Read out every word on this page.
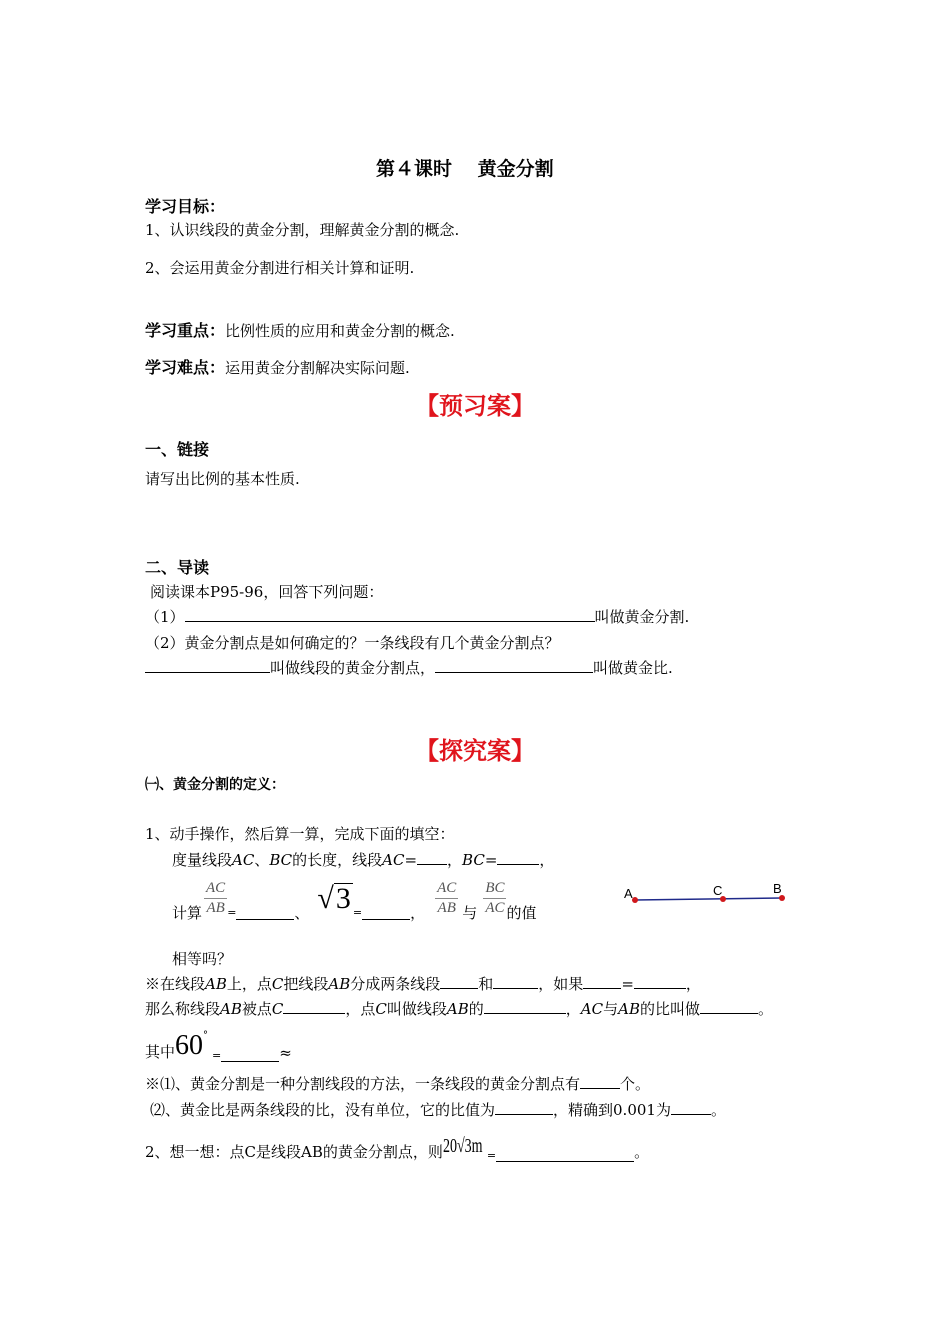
第４课时　 黄金分割
学习目标：
1、认识线段的黄金分割，理解黄金分割的概念.
2、会运用黄金分割进行相关计算和证明.
学习重点：比例性质的应用和黄金分割的概念.
学习难点：运用黄金分割解决实际问题.
【预习案】
一、链接
请写出比例的基本性质.
二、导读
阅读课本P95-96，回答下列问题：
（1）	叫做黄金分割.
（2）黄金分割点是如何确定的？一条线段有几个黄金分割点？
叫做线段的黄金分割点，	叫做黄金比.
【探究案】
㈠、黄金分割的定义：
1、动手操作，然后算一算，完成下面的填空：
度量线段AC、BC的长度，线段AC= ，BC=	，
计算 $\frac{AC}{AB}$ =	、 √ 3 =	， $\frac{AC}{AB}$ 与 $\frac{BC}{AC}$ 的值
A	C	B
相等吗？
※在线段AB上，点C把线段AB分成两条线段	和	，如果	=	，
那么称线段AB被点C	，点C叫做线段AB的	，AC与AB的比叫做	。
其中 60 °
=	≈
※⑴、黄金分割是一种分割线段的方法，一条线段的黄金分割点有	个。
⑵、黄金比是两条线段的比，没有单位，它的比值为	，精确到0.001为	。
2、想一想：点C是线段AB的黄金分割点，则 20√3m =	。
